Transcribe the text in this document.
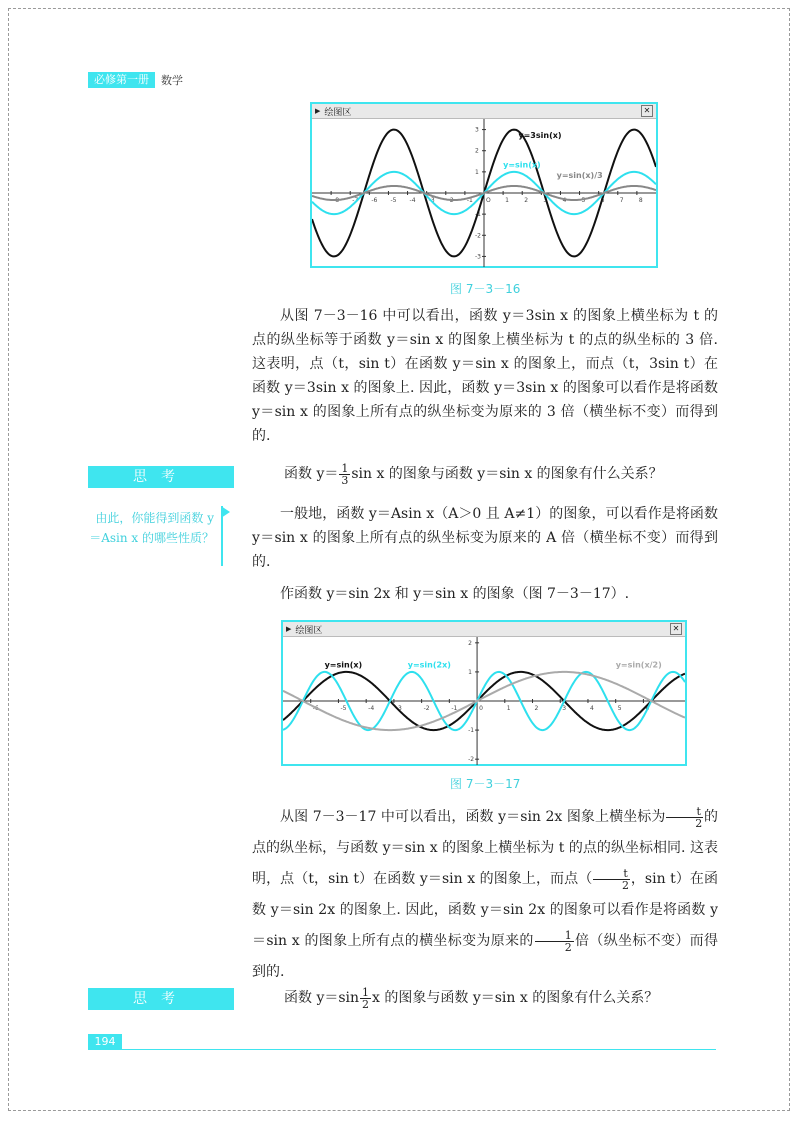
必修第一册	数学
▶ 绘图区	✕
-8 -7 -6 -5 -4 -3 -2 -1 O 1	2	3	4	5	6	7	8
3
2
1
-1
-2
-3
y=3sin(x)
y=sin(x)
y=sin(x)/3
图 7－3－16

从图 7－3－16 中可以看出，函数 y＝3sin x 的图象上横坐标为 t 的点的纵坐标等于函数 y＝sin x 的图象上横坐标为 t 的点的纵坐标的 3 倍. 这表明，点（t，sin t）在函数 y＝sin x 的图象上，而点（t，3sin t）在函数 y＝3sin x 的图象上. 因此，函数 y＝3sin x 的图象可以看作是将函数 y＝sin x 的图象上所有点的纵坐标变为原来的 3 倍（横坐标不变）而得到的.

思考	函数 $y= \frac{1}{3}$ sin x 的图象与函数 y＝sin x 的图象有什么关系？

由此，你能得到函数 y＝Asin x 的哪些性质？

一般地，函数 y＝Asin x（A＞0 且 A≠1）的图象，可以看作是将函数 y＝sin x 的图象上所有点的纵坐标变为原来的 A 倍（横坐标不变）而得到的.

作函数 y＝sin 2x 和 y＝sin x 的图象（图 7－3－17）.

▶ 绘图区	✕
-6	-5	-4	-3	-2	-1	0	1	2	3	4	5	6
2
1
-1
-2
y=sin(x)	y=sin(2x)	y=sin(x/2)
图 7－3－17

从图 7－3－17 中可以看出，函数 y＝sin 2x 图象上横坐标为 $\frac{t}{2}$ 的点的纵坐标，与函数 y＝sin x 的图象上横坐标为 t 的点的纵坐标相同. 这表明，点（t，sin t）在函数 y＝sin x 的图象上，而点（ $\frac{t}{2}$ ，sin t）在函数 y＝sin 2x 的图象上. 因此，函数 y＝sin 2x 的图象可以看作是将函数 y＝sin x 的图象上所有点的横坐标变为原来的 $\frac{1}{2}$ 倍（纵坐标不变）而得到的.

思考	函数 $y=\sin \frac{1}{2}$ x 的图象与函数 y＝sin x 的图象有什么关系？

194
